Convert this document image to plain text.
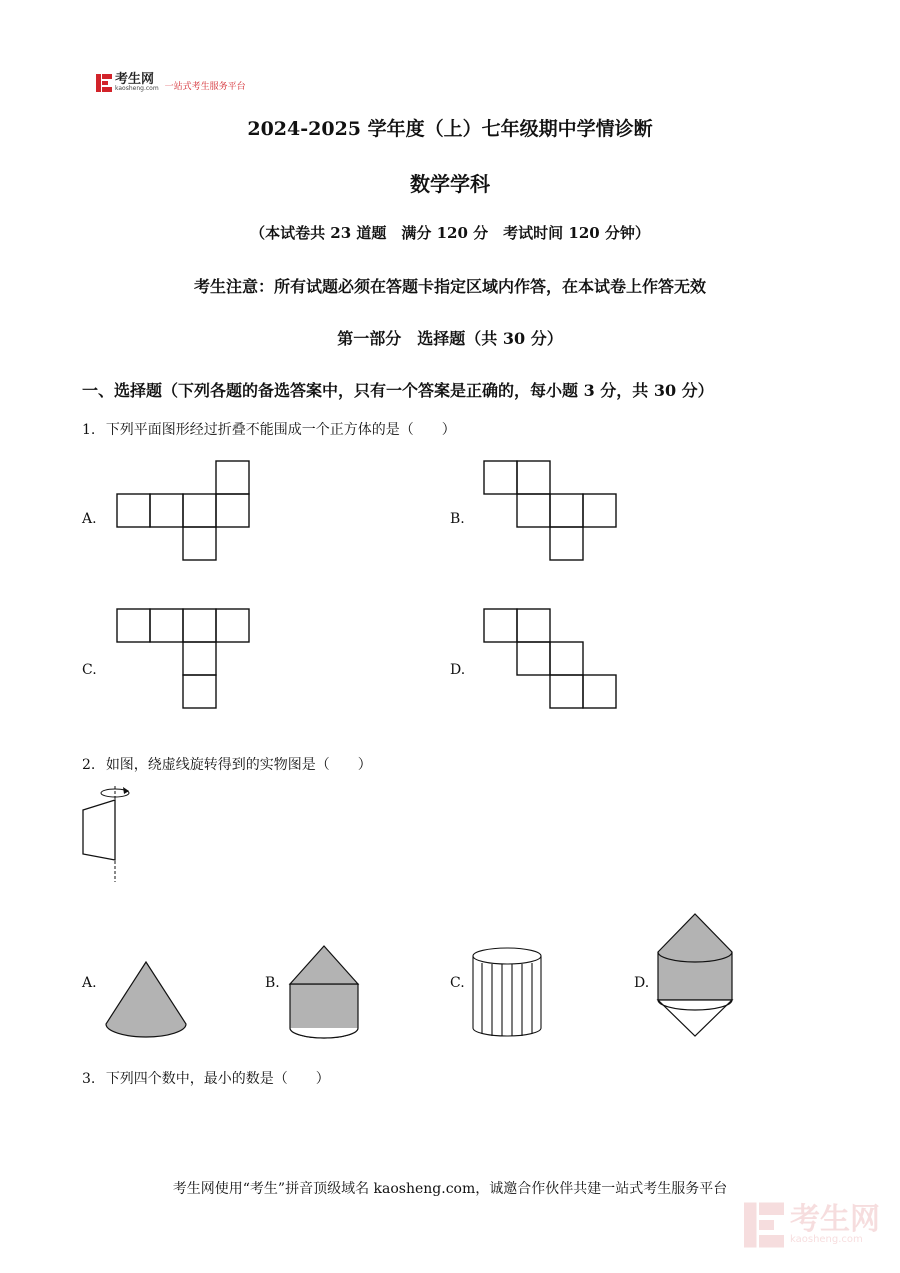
考生网
kaosheng.com 一站式考生服务平台
2024-2025 学年度（上）七年级期中学情诊断
数学学科
（本试卷共 23 道题　满分 120 分　考试时间 120 分钟）
考生注意：所有试题必须在答题卡指定区域内作答，在本试卷上作答无效
第一部分　选择题（共 30 分）
一、选择题（下列各题的备选答案中，只有一个答案是正确的，每小题 3 分，共 30 分）
1. 下列平面图形经过折叠不能围成一个正方体的是（　　）
A.	B.
C.	D.
2. 如图，绕虚线旋转得到的实物图是（　　）
A.	B.	C.	D.
3. 下列四个数中，最小的数是（　　）
考生网使用“考生”拼音顶级域名 kaosheng.com，诚邀合作伙伴共建一站式考生服务平台
考生网
kaosheng.com
